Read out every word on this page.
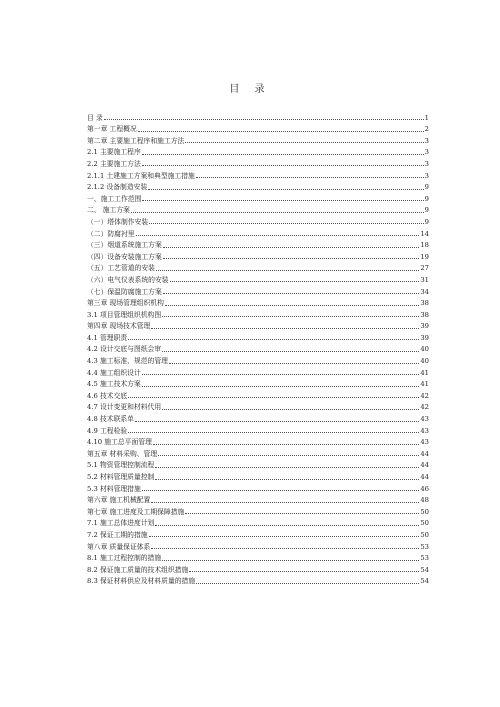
目 录
目 录	1
第一章 工程概况	2
第二章 主要施工程序和施工方法	3
2.1 主要施工程序	3
2.2 主要施工方法	3
2.1.1 土建施工方案和典型施工措施	3
2.1.2 设备制造安装	9
一、施工工作范围	9
二、 施工方案	9
（一）塔体制作安装	9
（二）防腐衬里	14
（三）烟道系统施工方案	18
（四）设备安装施工方案	19
（五）工艺管道的安装	27
（六）电气仪表系统的安装	31
（七）保温防腐施工方案	34
第三章 现场管理组织机构	38
3.1 项目管理组织机构图	38
第四章 现场技术管理	39
4.1 管理职责	39
4.2 设计交底与图纸会审	40
4.3 施工标准、规范的管理	40
4.4 施工组织设计	41
4.5 施工技术方案	41
4.6 技术交底	42
4.7 设计变更和材料代用	42
4.8 技术联系单	43
4.9 工程检验	43
4.10 施工总平面管理	43
第五章 材料采购、管理	44
5.1 物资管理控制流程	44
5.2 材料管理质量控制	44
5.3 材料管理措施	46
第六章 施工机械配置	48
第七章 施工进度及工期保障措施	50
7.1 施工总体进度计划	50
7.2 保证工期的措施	50
第八章 质量保证体系	53
8.1 施工过程控制的措施	53
8.2 保证施工质量的技术组织措施	54
8.3 保证材料供应及材料质量的措施	54
